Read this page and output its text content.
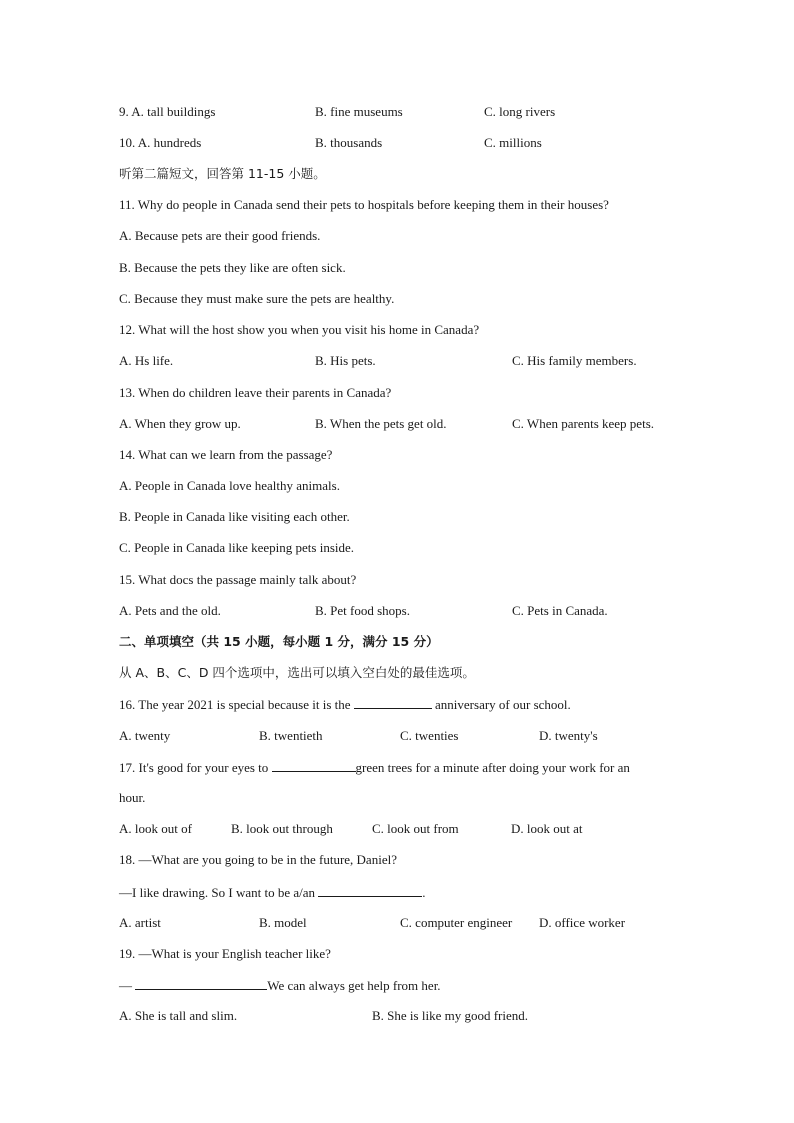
9. A. tall buildings	B. fine museums	C. long rivers
10. A. hundreds	B. thousands	C. millions
听第二篇短文，回答第 11-15 小题。
11. Why do people in Canada send their pets to hospitals before keeping them in their houses?
A. Because pets are their good friends.
B. Because the pets they like are often sick.
C. Because they must make sure the pets are healthy.
12. What will the host show you when you visit his home in Canada?
A. Hs life.	B. His pets.	C. His family members.
13. When do children leave their parents in Canada?
A. When they grow up.	B. When the pets get old.	C. When parents keep pets.
14. What can we learn from the passage?
A. People in Canada love healthy animals.
B. People in Canada like visiting each other.
C. People in Canada like keeping pets inside.
15. What docs the passage mainly talk about?
A. Pets and the old.	B. Pet food shops.	C. Pets in Canada.
二、单项填空（共 15 小题，每小题 1 分，满分 15 分）
从 A、B、C、D 四个选项中，选出可以填入空白处的最佳选项。
16. The year 2021 is special because it is the	anniversary of our school.
A. twenty	B. twentieth	C. twenties	D. twenty's
17. It's good for your eyes to	green trees for a minute after doing your work for an
hour.
A. look out of	B. look out through	C. look out from	D. look out at
18. —What are you going to be in the future, Daniel?
—I like drawing. So I want to be a/an	.
A. artist	B. model	C. computer engineer D. office worker
19. —What is your English teacher like?
—	We can always get help from her.
A. She is tall and slim.	B. She is like my good friend.
